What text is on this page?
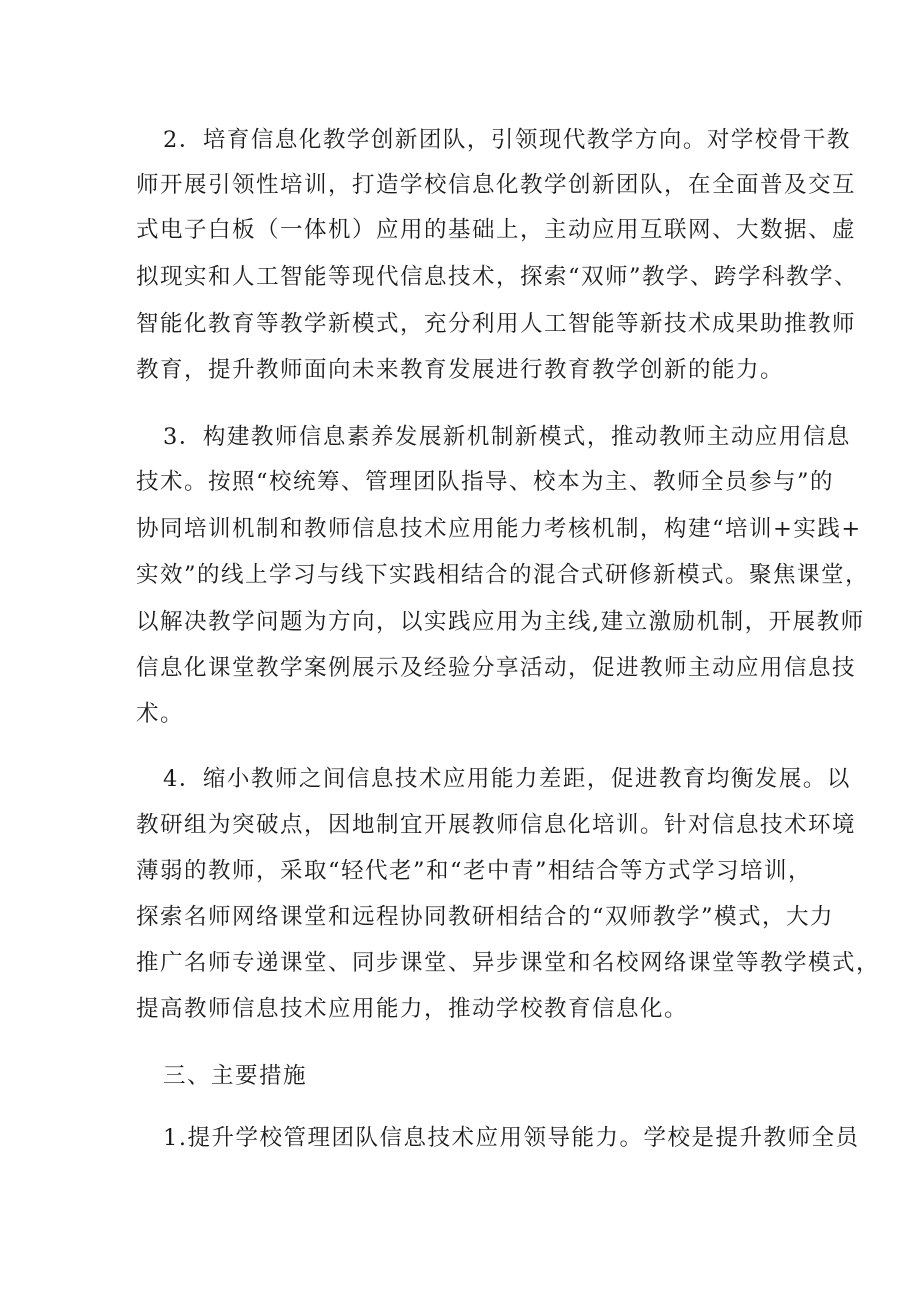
2．培育信息化教学创新团队，引领现代教学方向。对学校骨干教
师开展引领性培训，打造学校信息化教学创新团队，在全面普及交互
式电子白板（一体机）应用的基础上，主动应用互联网、大数据、虚
拟现实和人工智能等现代信息技术，探索“双师”教学、跨学科教学、
智能化教育等教学新模式，充分利用人工智能等新技术成果助推教师
教育，提升教师面向未来教育发展进行教育教学创新的能力。
3．构建教师信息素养发展新机制新模式，推动教师主动应用信息
技术。按照“校统筹、管理团队指导、校本为主、教师全员参与”的
协同培训机制和教师信息技术应用能力考核机制，构建“培训+实践+
实效”的线上学习与线下实践相结合的混合式研修新模式。聚焦课堂，
以解决教学问题为方向，以实践应用为主线,建立激励机制，开展教师
信息化课堂教学案例展示及经验分享活动，促进教师主动应用信息技
术。
4．缩小教师之间信息技术应用能力差距，促进教育均衡发展。以
教研组为突破点，因地制宜开展教师信息化培训。针对信息技术环境
薄弱的教师，采取“轻代老”和“老中青”相结合等方式学习培训，
探索名师网络课堂和远程协同教研相结合的“双师教学”模式，大力
推广名师专递课堂、同步课堂、异步课堂和名校网络课堂等教学模式，
提高教师信息技术应用能力，推动学校教育信息化。
三、主要措施
1.提升学校管理团队信息技术应用领导能力。学校是提升教师全员
